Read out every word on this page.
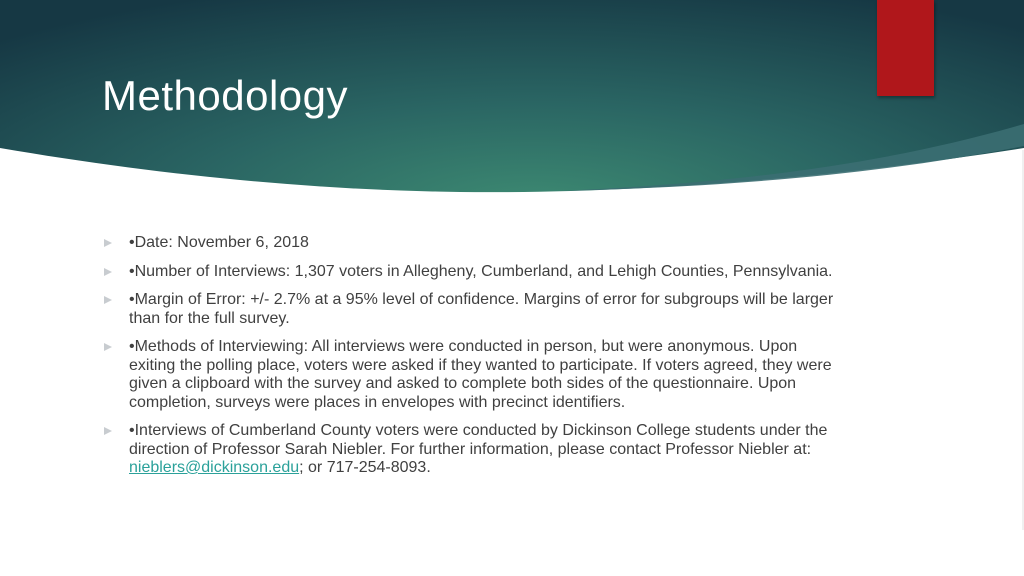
Methodology
•Date: November 6, 2018
•Number of Interviews: 1,307 voters in Allegheny, Cumberland, and Lehigh Counties, Pennsylvania.
•Margin of Error: +/- 2.7% at a 95% level of confidence. Margins of error for subgroups will be larger than for the full survey.
•Methods of Interviewing: All interviews were conducted in person, but were anonymous. Upon exiting the polling place, voters were asked if they wanted to participate. If voters agreed, they were given a clipboard with the survey and asked to complete both sides of the questionnaire. Upon completion, surveys were places in envelopes with precinct identifiers.
•Interviews of Cumberland County voters were conducted by Dickinson College students under the direction of Professor Sarah Niebler. For further information, please contact Professor Niebler at: nieblers@dickinson.edu; or 717-254-8093.
